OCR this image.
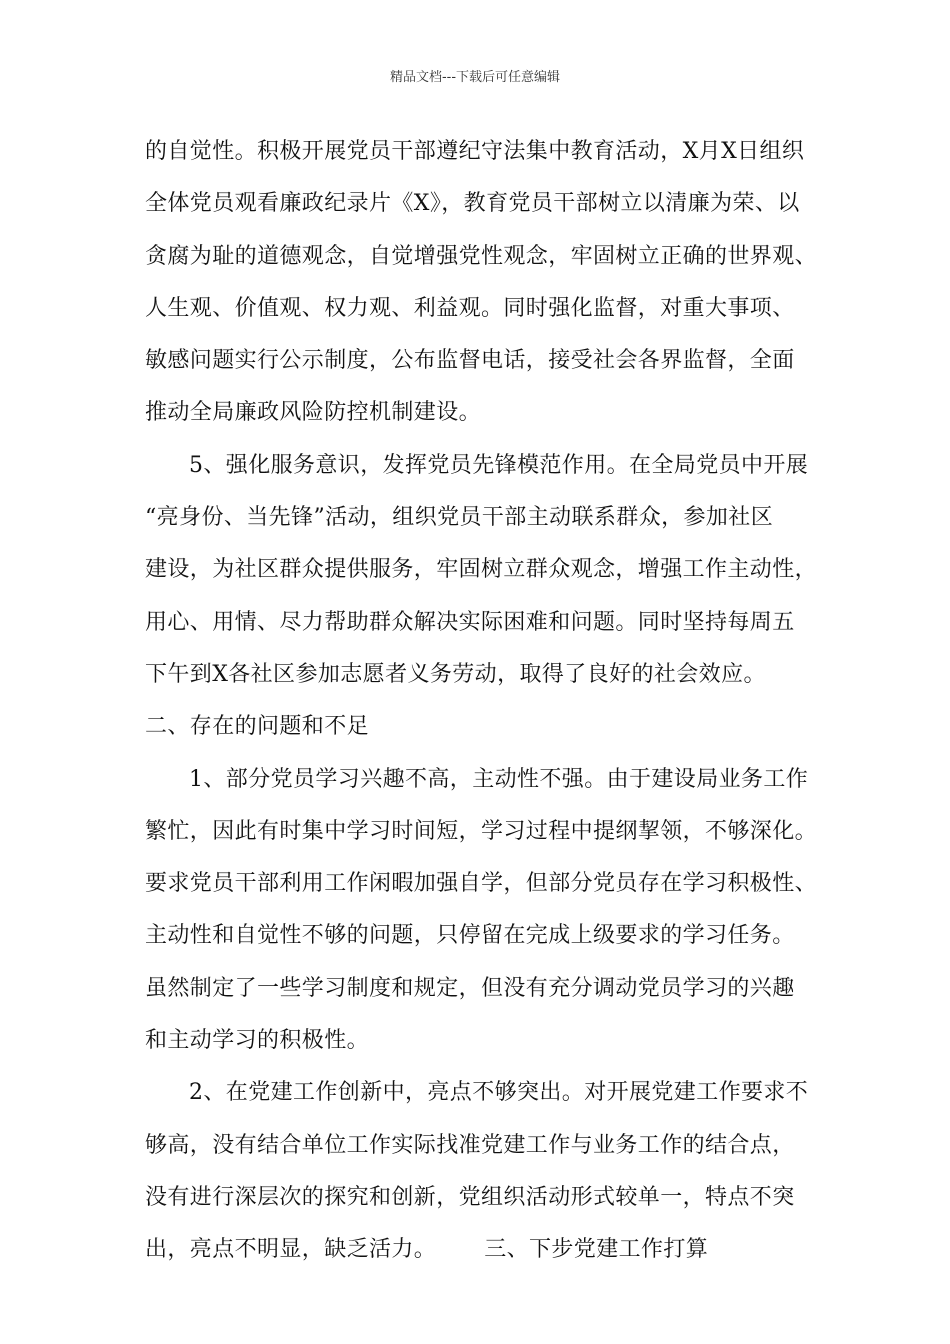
精品文档---下载后可任意编辑
的自觉性。积极开展党员干部遵纪守法集中教育活动，X月X日组织
全体党员观看廉政纪录片《X》，教育党员干部树立以清廉为荣、以
贪腐为耻的道德观念，自觉增强党性观念，牢固树立正确的世界观、
人生观、价值观、权力观、利益观。同时强化监督，对重大事项、
敏感问题实行公示制度，公布监督电话，接受社会各界监督，全面
推动全局廉政风险防控机制建设。
5、强化服务意识，发挥党员先锋模范作用。在全局党员中开展
“亮身份、当先锋”活动，组织党员干部主动联系群众，参加社区
建设，为社区群众提供服务，牢固树立群众观念，增强工作主动性，
用心、用情、尽力帮助群众解决实际困难和问题。同时坚持每周五
下午到X各社区参加志愿者义务劳动，取得了良好的社会效应。
二、存在的问题和不足
1、部分党员学习兴趣不高，主动性不强。由于建设局业务工作
繁忙，因此有时集中学习时间短，学习过程中提纲挈领，不够深化。
要求党员干部利用工作闲暇加强自学，但部分党员存在学习积极性、
主动性和自觉性不够的问题，只停留在完成上级要求的学习任务。
虽然制定了一些学习制度和规定，但没有充分调动党员学习的兴趣
和主动学习的积极性。
2、在党建工作创新中，亮点不够突出。对开展党建工作要求不
够高，没有结合单位工作实际找准党建工作与业务工作的结合点，
没有进行深层次的探究和创新，党组织活动形式较单一，特点不突
出，亮点不明显，缺乏活力。 三、下步党建工作打算
